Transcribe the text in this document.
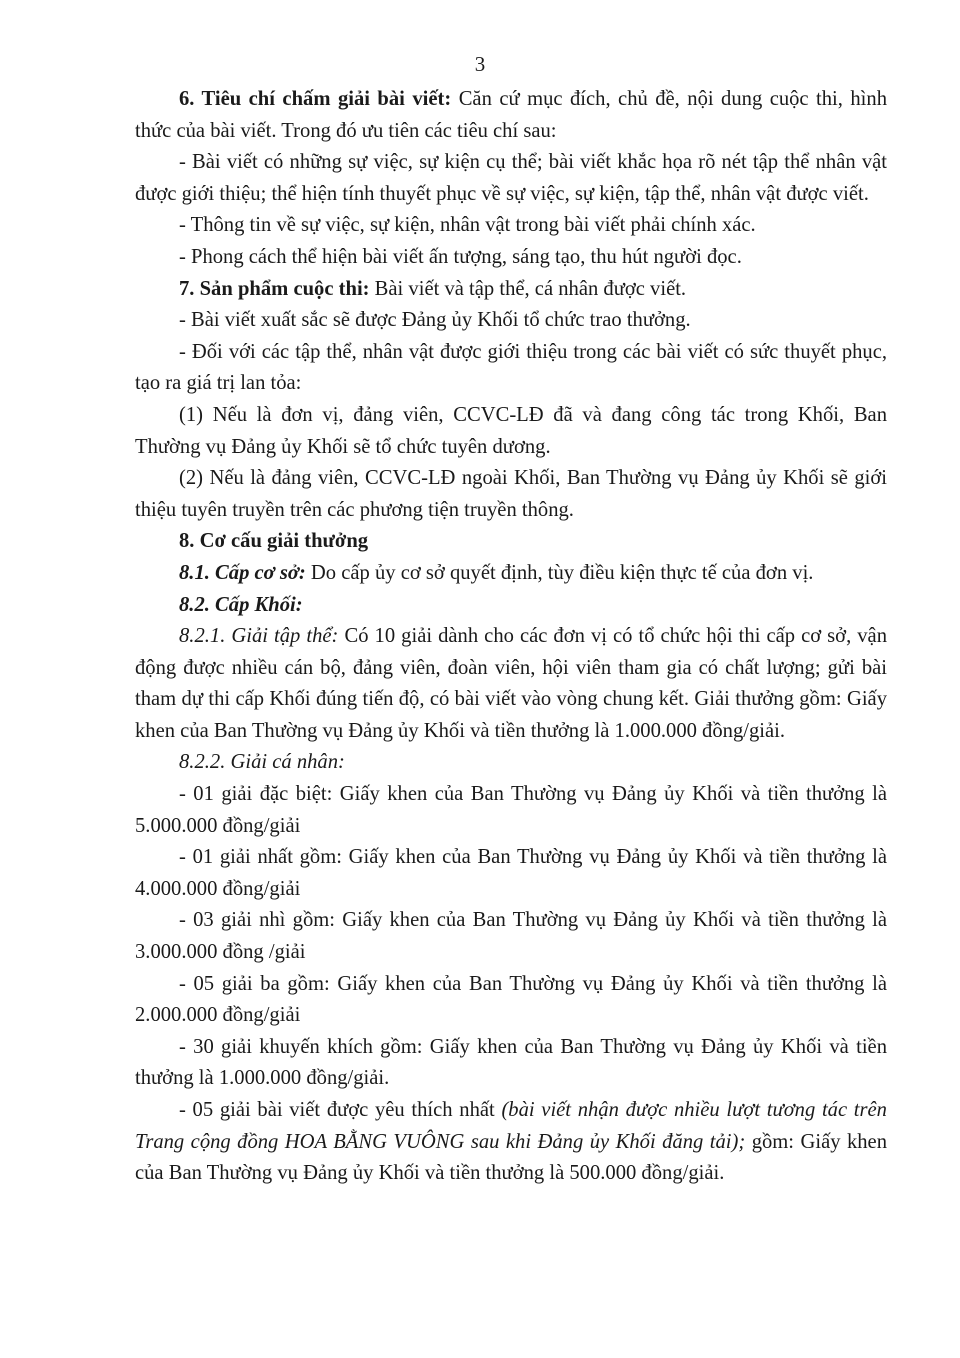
3

6. Tiêu chí chấm giải bài viết: Căn cứ mục đích, chủ đề, nội dung cuộc thi, hình thức của bài viết. Trong đó ưu tiên các tiêu chí sau:

- Bài viết có những sự việc, sự kiện cụ thể; bài viết khắc họa rõ nét tập thể nhân vật được giới thiệu; thể hiện tính thuyết phục về sự việc, sự kiện, tập thể, nhân vật được viết.

- Thông tin về sự việc, sự kiện, nhân vật trong bài viết phải chính xác.

- Phong cách thể hiện bài viết ấn tượng, sáng tạo, thu hút người đọc.

7. Sản phẩm cuộc thi: Bài viết và tập thể, cá nhân được viết.

- Bài viết xuất sắc sẽ được Đảng ủy Khối tổ chức trao thưởng.

- Đối với các tập thể, nhân vật được giới thiệu trong các bài viết có sức thuyết phục, tạo ra giá trị lan tỏa:

(1) Nếu là đơn vị, đảng viên, CCVC-LĐ đã và đang công tác trong Khối, Ban Thường vụ Đảng ủy Khối sẽ tổ chức tuyên dương.

(2) Nếu là đảng viên, CCVC-LĐ ngoài Khối, Ban Thường vụ Đảng ủy Khối sẽ giới thiệu tuyên truyền trên các phương tiện truyền thông.

8. Cơ cấu giải thưởng

8.1. Cấp cơ sở: Do cấp ủy cơ sở quyết định, tùy điều kiện thực tế của đơn vị.

8.2. Cấp Khối:

8.2.1. Giải tập thể: Có 10 giải dành cho các đơn vị có tổ chức hội thi cấp cơ sở, vận động được nhiều cán bộ, đảng viên, đoàn viên, hội viên tham gia có chất lượng; gửi bài tham dự thi cấp Khối đúng tiến độ, có bài viết vào vòng chung kết. Giải thưởng gồm: Giấy khen của Ban Thường vụ Đảng ủy Khối và tiền thưởng là 1.000.000 đồng/giải.

8.2.2. Giải cá nhân:

- 01 giải đặc biệt: Giấy khen của Ban Thường vụ Đảng ủy Khối và tiền thưởng là 5.000.000 đồng/giải

- 01 giải nhất gồm: Giấy khen của Ban Thường vụ Đảng ủy Khối và tiền thưởng là 4.000.000 đồng/giải

- 03 giải nhì gồm: Giấy khen của Ban Thường vụ Đảng ủy Khối và tiền thưởng là 3.000.000 đồng /giải

- 05 giải ba gồm: Giấy khen của Ban Thường vụ Đảng ủy Khối và tiền thưởng là 2.000.000 đồng/giải

- 30 giải khuyến khích gồm: Giấy khen của Ban Thường vụ Đảng ủy Khối và tiền thưởng là 1.000.000 đồng/giải.

- 05 giải bài viết được yêu thích nhất (bài viết nhận được nhiều lượt tương tác trên Trang cộng đồng HOA BẰNG VUÔNG sau khi Đảng ủy Khối đăng tải); gồm: Giấy khen của Ban Thường vụ Đảng ủy Khối và tiền thưởng là 500.000 đồng/giải.
